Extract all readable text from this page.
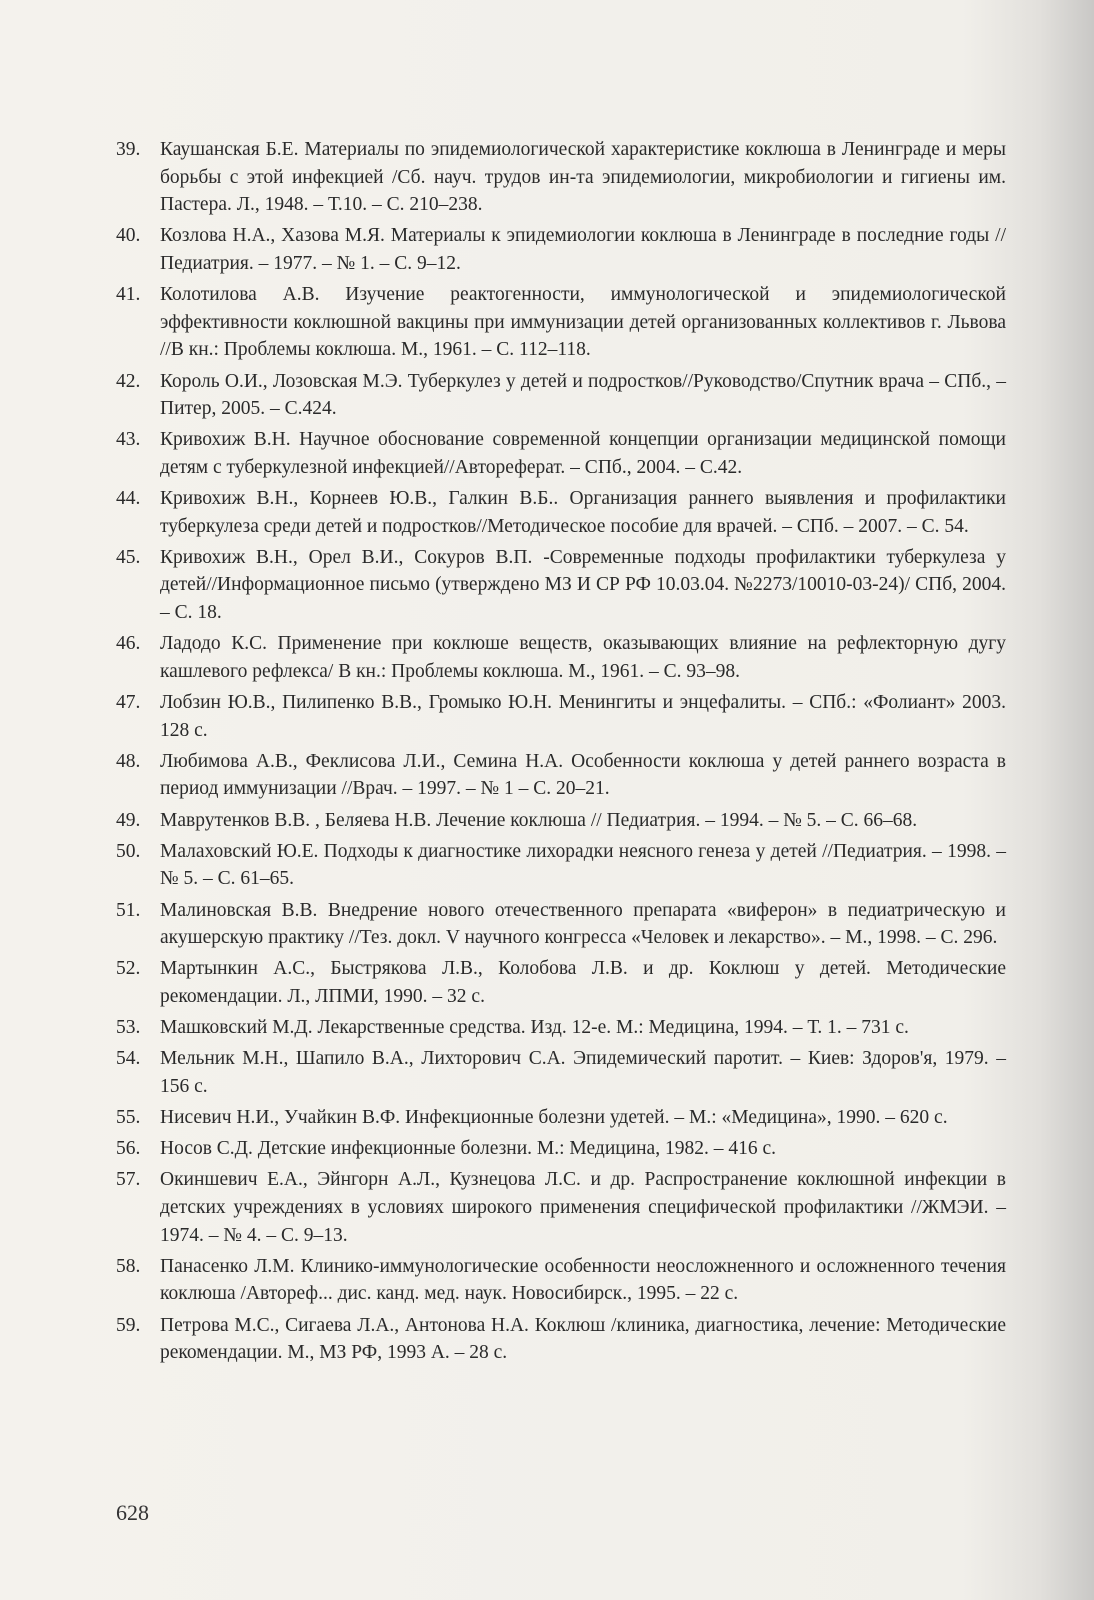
39.	Каушанская Б.Е. Материалы по эпидемиологической характеристике коклюша в Ленинграде и меры борьбы с этой инфекцией /Сб. науч. трудов ин-та эпидемиологии, микробиологии и гигиены им. Пастера. Л., 1948. – Т.10. – С. 210–238.
40.	Козлова Н.А., Хазова М.Я. Материалы к эпидемиологии коклюша в Ленинграде в последние годы //Педиатрия. – 1977. – № 1. – С. 9–12.
41.	Колотилова А.В. Изучение реактогенности, иммунологической и эпидемиологической эффективности коклюшной вакцины при иммунизации детей организованных коллективов г. Львова //В кн.: Проблемы коклюша. М., 1961. – С. 112–118.
42.	Король О.И., Лозовская М.Э. Туберкулез у детей и подростков//Руководство/Спутник врача – СПб., – Питер, 2005. – С.424.
43.	Кривохиж В.Н. Научное обоснование современной концепции организации медицинской помощи детям с туберкулезной инфекцией//Автореферат. – СПб., 2004. – С.42.
44.	Кривохиж В.Н., Корнеев Ю.В., Галкин В.Б.. Организация раннего выявления и профилактики туберкулеза среди детей и подростков//Методическое пособие для врачей. – СПб. – 2007. – С. 54.
45.	Кривохиж В.Н., Орел В.И., Сокуров В.П. -Современные подходы профилактики туберкулеза у детей//Информационное письмо (утверждено МЗ И СР РФ 10.03.04. №2273/10010-03-24)/ СПб, 2004. – С. 18.
46.	Ладодо К.С. Применение при коклюше веществ, оказывающих влияние на рефлекторную дугу кашлевого рефлекса/ В кн.: Проблемы коклюша. М., 1961. – С. 93–98.
47.	Лобзин Ю.В., Пилипенко В.В., Громыко Ю.Н. Менингиты и энцефалиты. – СПб.: «Фолиант» 2003. 128 с.
48.	Любимова А.В., Феклисова Л.И., Семина Н.А. Особенности коклюша у детей раннего возраста в период иммунизации //Врач. – 1997. – № 1 – С. 20–21.
49.	Маврутенков В.В. , Беляева Н.В. Лечение коклюша // Педиатрия. – 1994. – № 5. – С. 66–68.
50.	Малаховский Ю.Е. Подходы к диагностике лихорадки неясного генеза у детей //Педиатрия. – 1998. – № 5. – С. 61–65.
51.	Малиновская В.В. Внедрение нового отечественного препарата «виферон» в педиатрическую и акушерскую практику //Тез. докл. V научного конгресса «Человек и лекарство». – М., 1998. – С. 296.
52.	Мартынкин А.С., Быстрякова Л.В., Колобова Л.В. и др. Коклюш у детей. Методические рекомендации. Л., ЛПМИ, 1990. – 32 с.
53.	Машковский М.Д. Лекарственные средства. Изд. 12-е. М.: Медицина, 1994. – Т. 1. – 731 с.
54.	Мельник М.Н., Шапило В.А., Лихторович С.А. Эпидемический паротит. – Киев: Здоров'я, 1979. – 156 с.
55.	Нисевич Н.И., Учайкин В.Ф. Инфекционные болезни удетей. – М.: «Медицина», 1990. – 620 с.
56.	Носов С.Д. Детские инфекционные болезни. М.: Медицина, 1982. – 416 с.
57.	Окиншевич Е.А., Эйнгорн А.Л., Кузнецова Л.С. и др. Распространение коклюшной инфекции в детских учреждениях в условиях широкого применения специфической профилактики //ЖМЭИ. – 1974. – № 4. – С. 9–13.
58.	Панасенко Л.М. Клинико-иммунологические особенности неосложненного и осложненного течения коклюша /Автореф... дис. канд. мед. наук. Новосибирск., 1995. – 22 с.
59.	Петрова М.С., Сигаева Л.А., Антонова Н.А. Коклюш /клиника, диагностика, лечение: Методические рекомендации. М., МЗ РФ, 1993 А. – 28 с.
628
